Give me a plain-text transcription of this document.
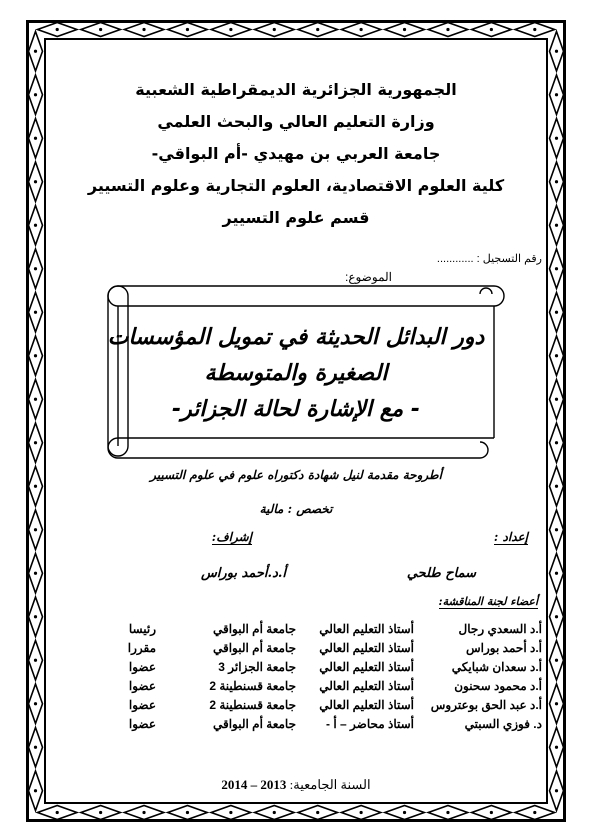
الجمهورية الجزائرية الديمقراطية الشعبية
وزارة التعليم العالي والبحث العلمي
جامعة العربي بن مهيدي -أم البواقي-
كلية العلوم الاقتصادية، العلوم التجارية وعلوم التسيير
قسم علوم التسيير
رقم التسجيل : ............
الموضوع:
دور البدائل الحديثة في تمويل المؤسسات
الصغيرة والمتوسطة
- مع الإشارة لحالة الجزائر-
أطروحة مقدمة لنيل شهادة دكتوراه علوم في علوم التسيير
تخصص : مالية
إعداد :
سماح طلحي
إشراف:
أ.د.أحمد بوراس
أعضاء لجنة المناقشة:
أ.د السعدي رجال	أستاذ التعليم العالي	جامعة أم البواقي	رئيسا
أ.د أحمد بوراس	أستاذ التعليم العالي	جامعة أم البواقي	مقررا
أ.د سعدان شبايكي	أستاذ التعليم العالي	جامعة الجزائر 3	عضوا
أ.د محمود سحنون	أستاذ التعليم العالي	جامعة قسنطينة 2	عضوا
أ.د عبد الحق بوعتروس	أستاذ التعليم العالي	جامعة قسنطينة 2	عضوا
د. فوزي السبتي	أستاذ محاضر – أ -	جامعة أم البواقي	عضوا
السنة الجامعية: 2013 – 2014
